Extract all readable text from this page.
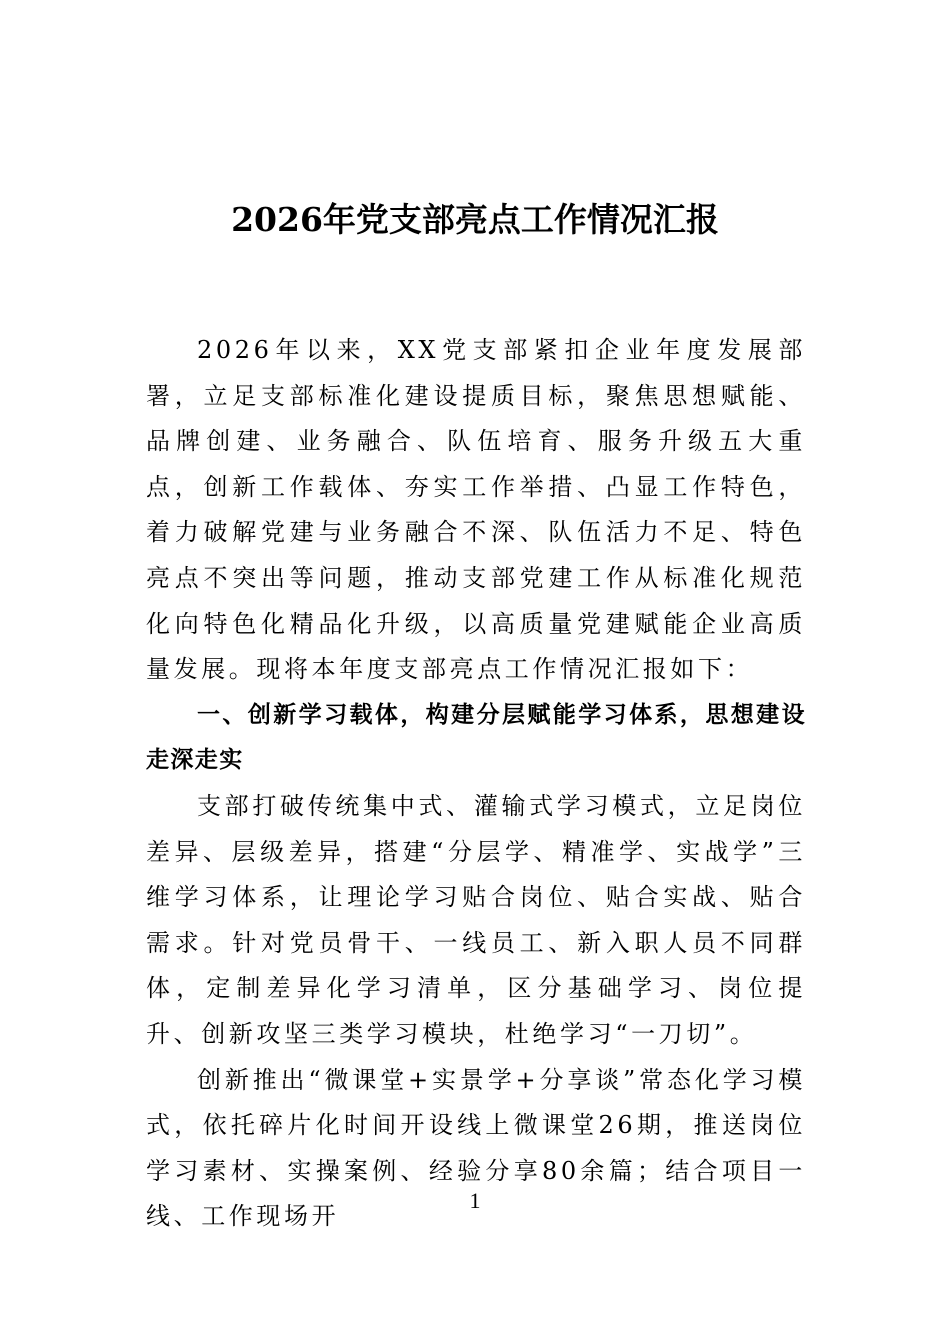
2026年党支部亮点工作情况汇报

2026年以来，XX党支部紧扣企业年度发展部署，立足支部标准化建设提质目标，聚焦思想赋能、品牌创建、业务融合、队伍培育、服务升级五大重点，创新工作载体、夯实工作举措、凸显工作特色，着力破解党建与业务融合不深、队伍活力不足、特色亮点不突出等问题，推动支部党建工作从标准化规范化向特色化精品化升级，以高质量党建赋能企业高质量发展。现将本年度支部亮点工作情况汇报如下：

一、创新学习载体，构建分层赋能学习体系，思想建设走深走实

支部打破传统集中式、灌输式学习模式，立足岗位差异、层级差异，搭建“分层学、精准学、实战学”三维学习体系，让理论学习贴合岗位、贴合实战、贴合需求。针对党员骨干、一线员工、新入职人员不同群体，定制差异化学习清单，区分基础学习、岗位提升、创新攻坚三类学习模块，杜绝学习“一刀切”。

创新推出“微课堂+实景学+分享谈”常态化学习模式，依托碎片化时间开设线上微课堂26期，推送岗位学习素材、实操案例、经验分享80余篇；结合项目一线、工作现场开

1
